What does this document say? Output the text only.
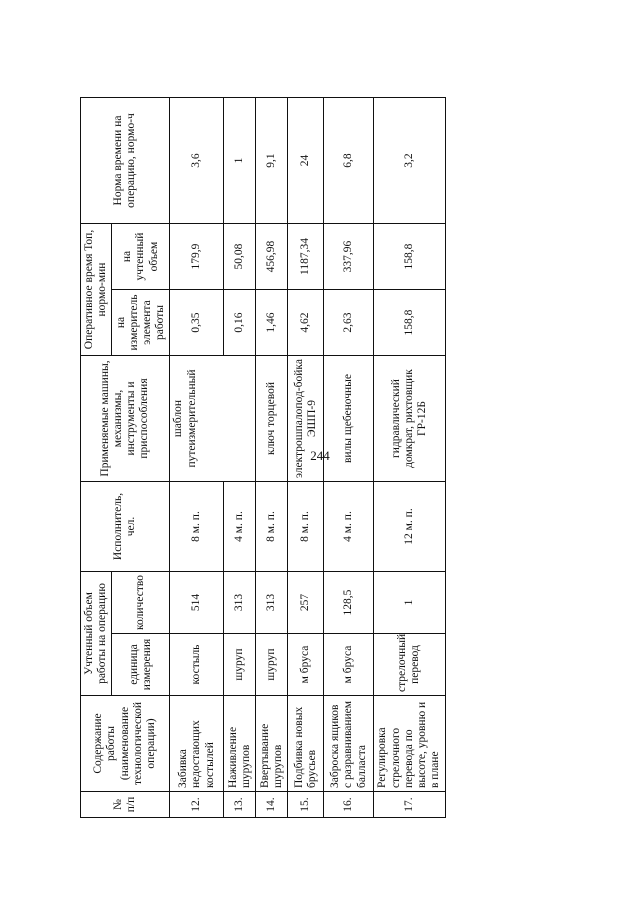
244
№ п/п	Содержание работы (наименование технологической операции)	Учтенный объем работы на операцию		Исполнитель, чел.	Применяемые машины, механизмы, инструменты и приспособления	Оперативное время Топ, нормо-мин		Норма времени на операцию, нормо-ч
		единица измерения	количество			на измеритель элемента работы	на учтенный объем	
12.	Забивка недостающих костылей	костыль	514	8 м. п.	шаблон путеизмерительный	0,35	179,9	3,6
13.	Наживление шурупов	шуруп	313	4 м. п.		0,16	50,08	1
14.	Ввертывание шурупов	шуруп	313	8 м. п.	ключ торцевой	1,46	456,98	9,1
15.	Подбивка новых брусьев	м бруса	257	8 м. п.	электрошпалопод-бойка ЭШП-9	4,62	1187,34	24
16.	Заброска ящиков с разравниванием балласта	м бруса	128,5	4 м. п.	вилы щебеночные	2,63	337,96	6,8
17.	Регулировка стрелочного перевода по высоте, уровню и в плане	стрелочный перевод	1	12 м. п.	гидравлический домкрат, рихтовщик ГР-12Б	158,8	158,8	3,2
